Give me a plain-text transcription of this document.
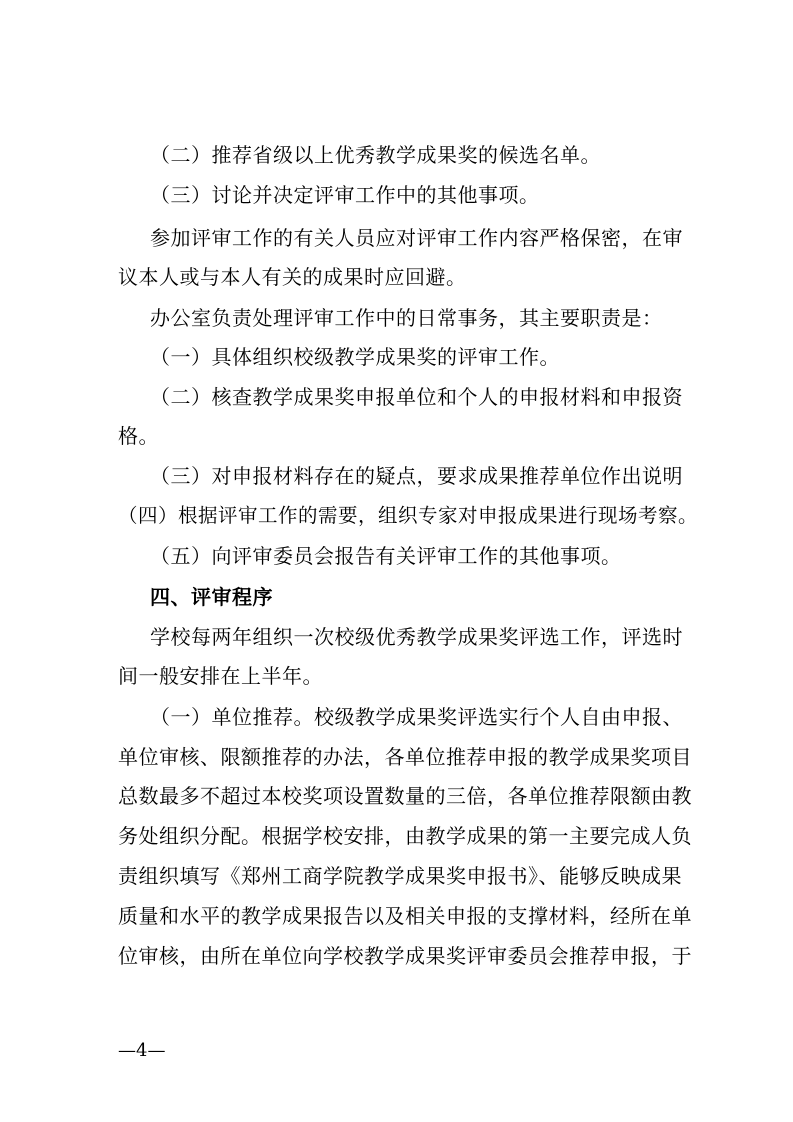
（二）推荐省级以上优秀教学成果奖的候选名单。
（三）讨论并决定评审工作中的其他事项。
参加评审工作的有关人员应对评审工作内容严格保密，在审
议本人或与本人有关的成果时应回避。
办公室负责处理评审工作中的日常事务，其主要职责是：
（一）具体组织校级教学成果奖的评审工作。
（二）核查教学成果奖申报单位和个人的申报材料和申报资
格。
（三）对申报材料存在的疑点，要求成果推荐单位作出说明
（四）根据评审工作的需要，组织专家对申报成果进行现场考察。
（五）向评审委员会报告有关评审工作的其他事项。
四、评审程序
学校每两年组织一次校级优秀教学成果奖评选工作，评选时
间一般安排在上半年。
（一）单位推荐。校级教学成果奖评选实行个人自由申报、
单位审核、限额推荐的办法，各单位推荐申报的教学成果奖项目
总数最多不超过本校奖项设置数量的三倍，各单位推荐限额由教
务处组织分配。根据学校安排，由教学成果的第一主要完成人负
责组织填写《郑州工商学院教学成果奖申报书》、能够反映成果
质量和水平的教学成果报告以及相关申报的支撑材料，经所在单
位审核，由所在单位向学校教学成果奖评审委员会推荐申报，于
—4—
